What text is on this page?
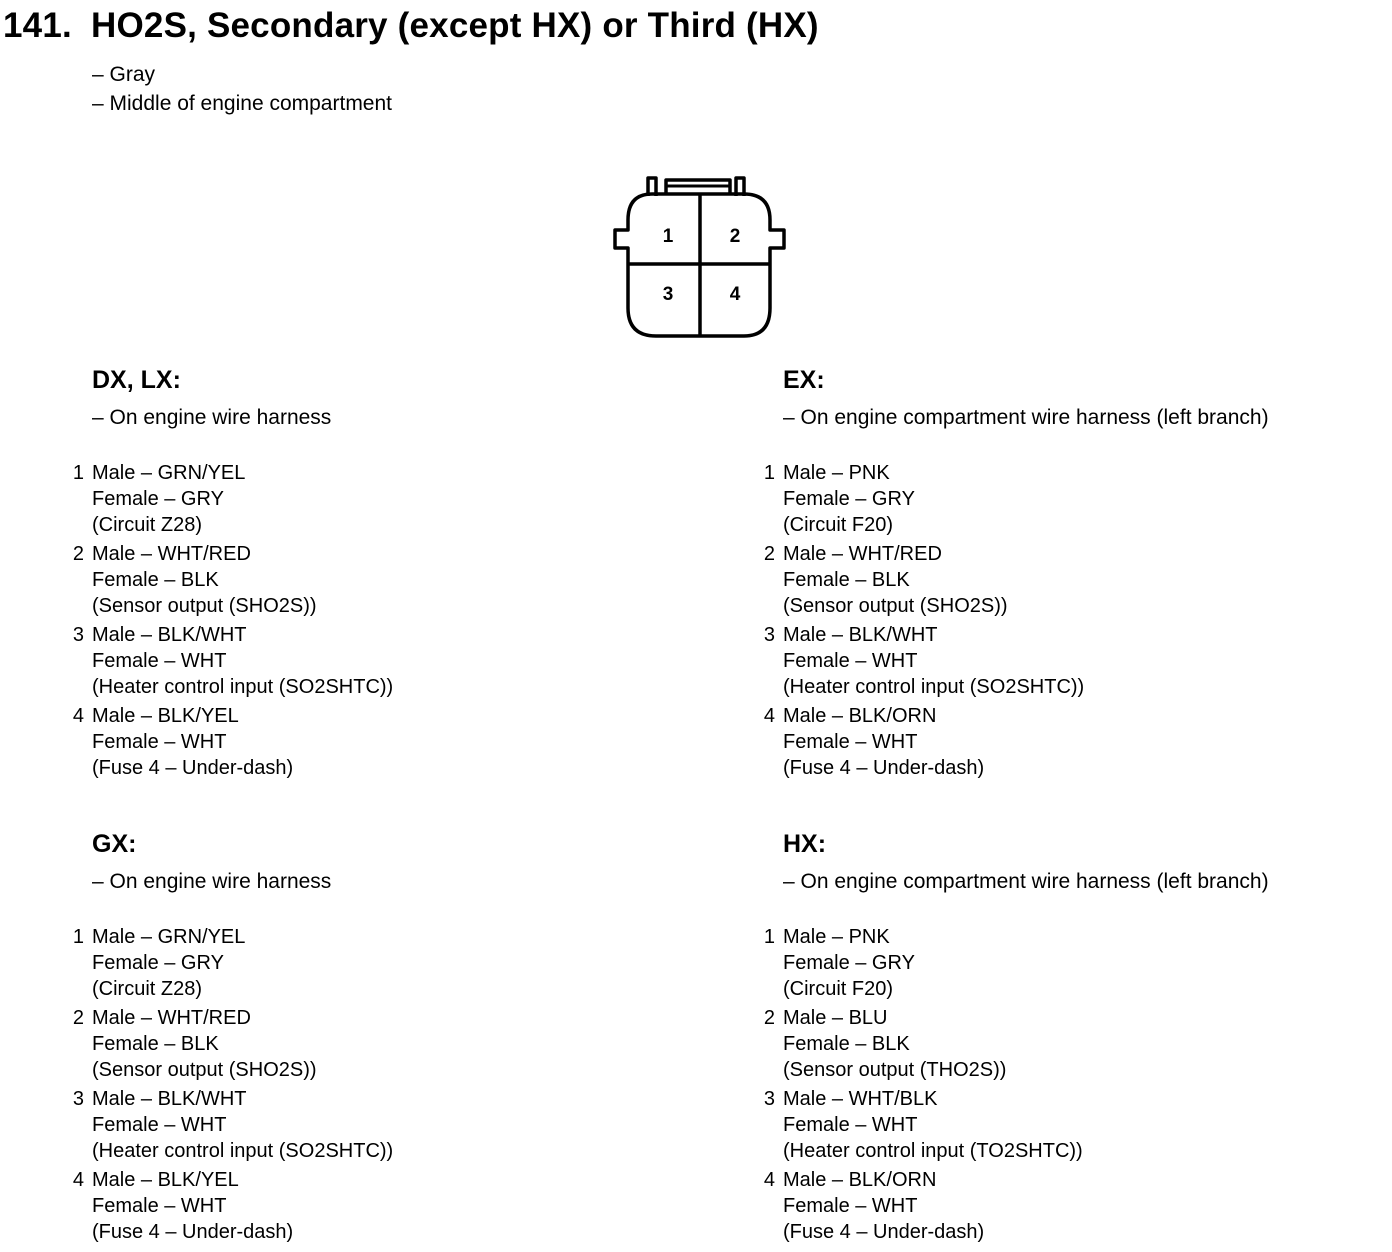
141. HO2S, Secondary (except HX) or Third (HX)
– Gray
– Middle of engine compartment
1	2
3	4
DX, LX:
– On engine wire harness
1 Male – GRN/YEL
Female – GRY
(Circuit Z28)
2 Male – WHT/RED
Female – BLK
(Sensor output (SHO2S))
3 Male – BLK/WHT
Female – WHT
(Heater control input (SO2SHTC))
4 Male – BLK/YEL
Female – WHT
(Fuse 4 – Under-dash)
EX:
– On engine compartment wire harness (left branch)
1 Male – PNK
Female – GRY
(Circuit F20)
2 Male – WHT/RED
Female – BLK
(Sensor output (SHO2S))
3 Male – BLK/WHT
Female – WHT
(Heater control input (SO2SHTC))
4 Male – BLK/ORN
Female – WHT
(Fuse 4 – Under-dash)
GX:
– On engine wire harness
1 Male – GRN/YEL
Female – GRY
(Circuit Z28)
2 Male – WHT/RED
Female – BLK
(Sensor output (SHO2S))
3 Male – BLK/WHT
Female – WHT
(Heater control input (SO2SHTC))
4 Male – BLK/YEL
Female – WHT
(Fuse 4 – Under-dash)
HX:
– On engine compartment wire harness (left branch)
1 Male – PNK
Female – GRY
(Circuit F20)
2 Male – BLU
Female – BLK
(Sensor output (THO2S))
3 Male – WHT/BLK
Female – WHT
(Heater control input (TO2SHTC))
4 Male – BLK/ORN
Female – WHT
(Fuse 4 – Under-dash)
